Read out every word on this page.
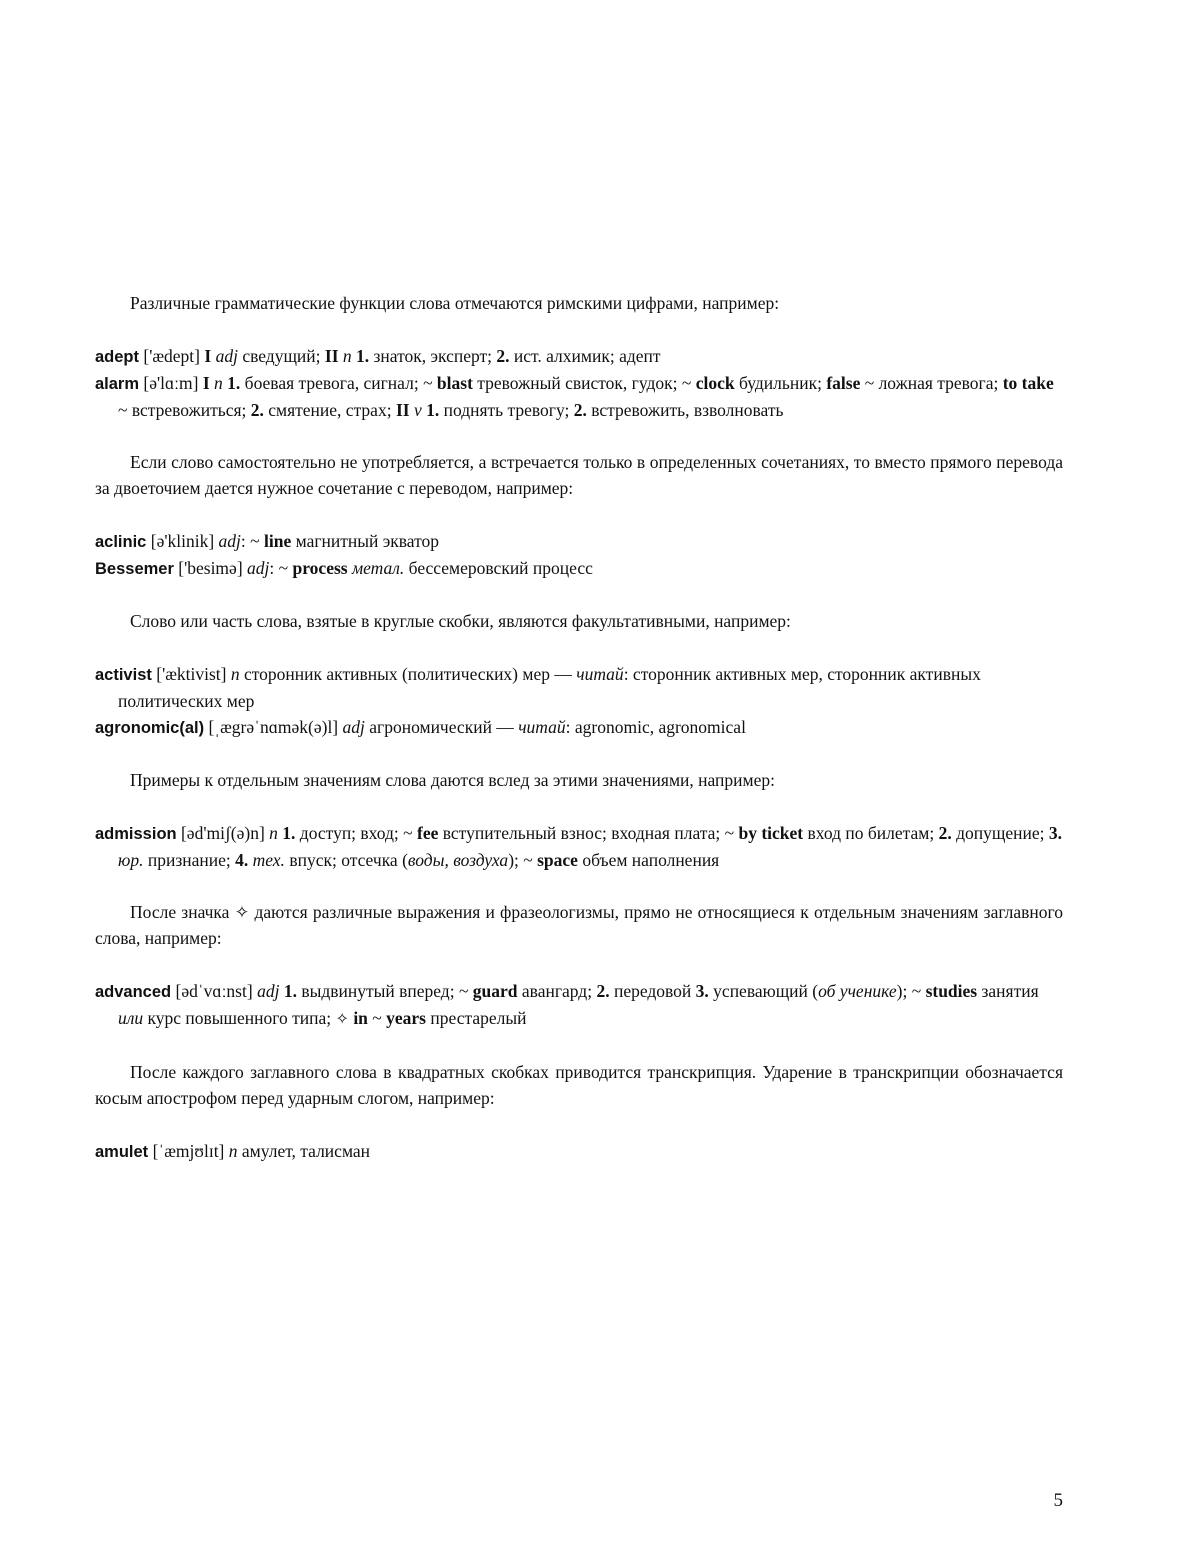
Различные грамматические функции слова отмечаются римскими цифрами, например:

adept ['ædept] I adj сведущий; II n 1. знаток, эксперт; 2. ист. алхимик; адепт

alarm [ə'lɑːm] I n 1. боевая тревога, сигнал; ~ blast тревожный свисток, гудок; ~ clock будильник; false ~ ложная тревога; to take ~ встревожиться; 2. смятение, страх; II v 1. поднять тревогу; 2. встревожить, взволновать

Если слово самостоятельно не употребляется, а встречается только в определенных сочетаниях, то вместо прямого перевода за двоеточием дается нужное сочетание с переводом, например:

aclinic [ə'klinik] adj: ~ line магнитный экватор

Bessemer ['besimə] adj: ~ process метал. бессемеровский процесс

Слово или часть слова, взятые в круглые скобки, являются факультативными, например:

activist ['æktivist] n сторонник активных (политических) мер — читай: сторонник активных мер, сторонник активных политических мер

agronomic(al) [ˌægrəˈnɑmək(ə)l] adj агрономический — читай: agronomic, agronomical

Примеры к отдельным значениям слова даются вслед за этими значениями, например:

admission [əd'miʃ(ə)n] n 1. доступ; вход; ~ fee вступительный взнос; входная плата; ~ by ticket вход по билетам; 2. допущение; 3. юр. признание; 4. тех. впуск; отсечка (воды, воздуха); ~ space объем наполнения

После значка ✧ даются различные выражения и фразеологизмы, прямо не относящиеся к отдельным значениям заглавного слова, например:

advanced [ədˈvɑːnst] adj 1. выдвинутый вперед; ~ guard авангард; 2. передовой 3. успевающий (об ученике); ~ studies занятия или курс повышенного типа; ✧ in ~ years престарелый

После каждого заглавного слова в квадратных скобках приводится транскрипция. Ударение в транскрипции обозначается косым апострофом перед ударным слогом, например:

amulet [ˈæmjʊlɪt] n амулет, талисман

5
